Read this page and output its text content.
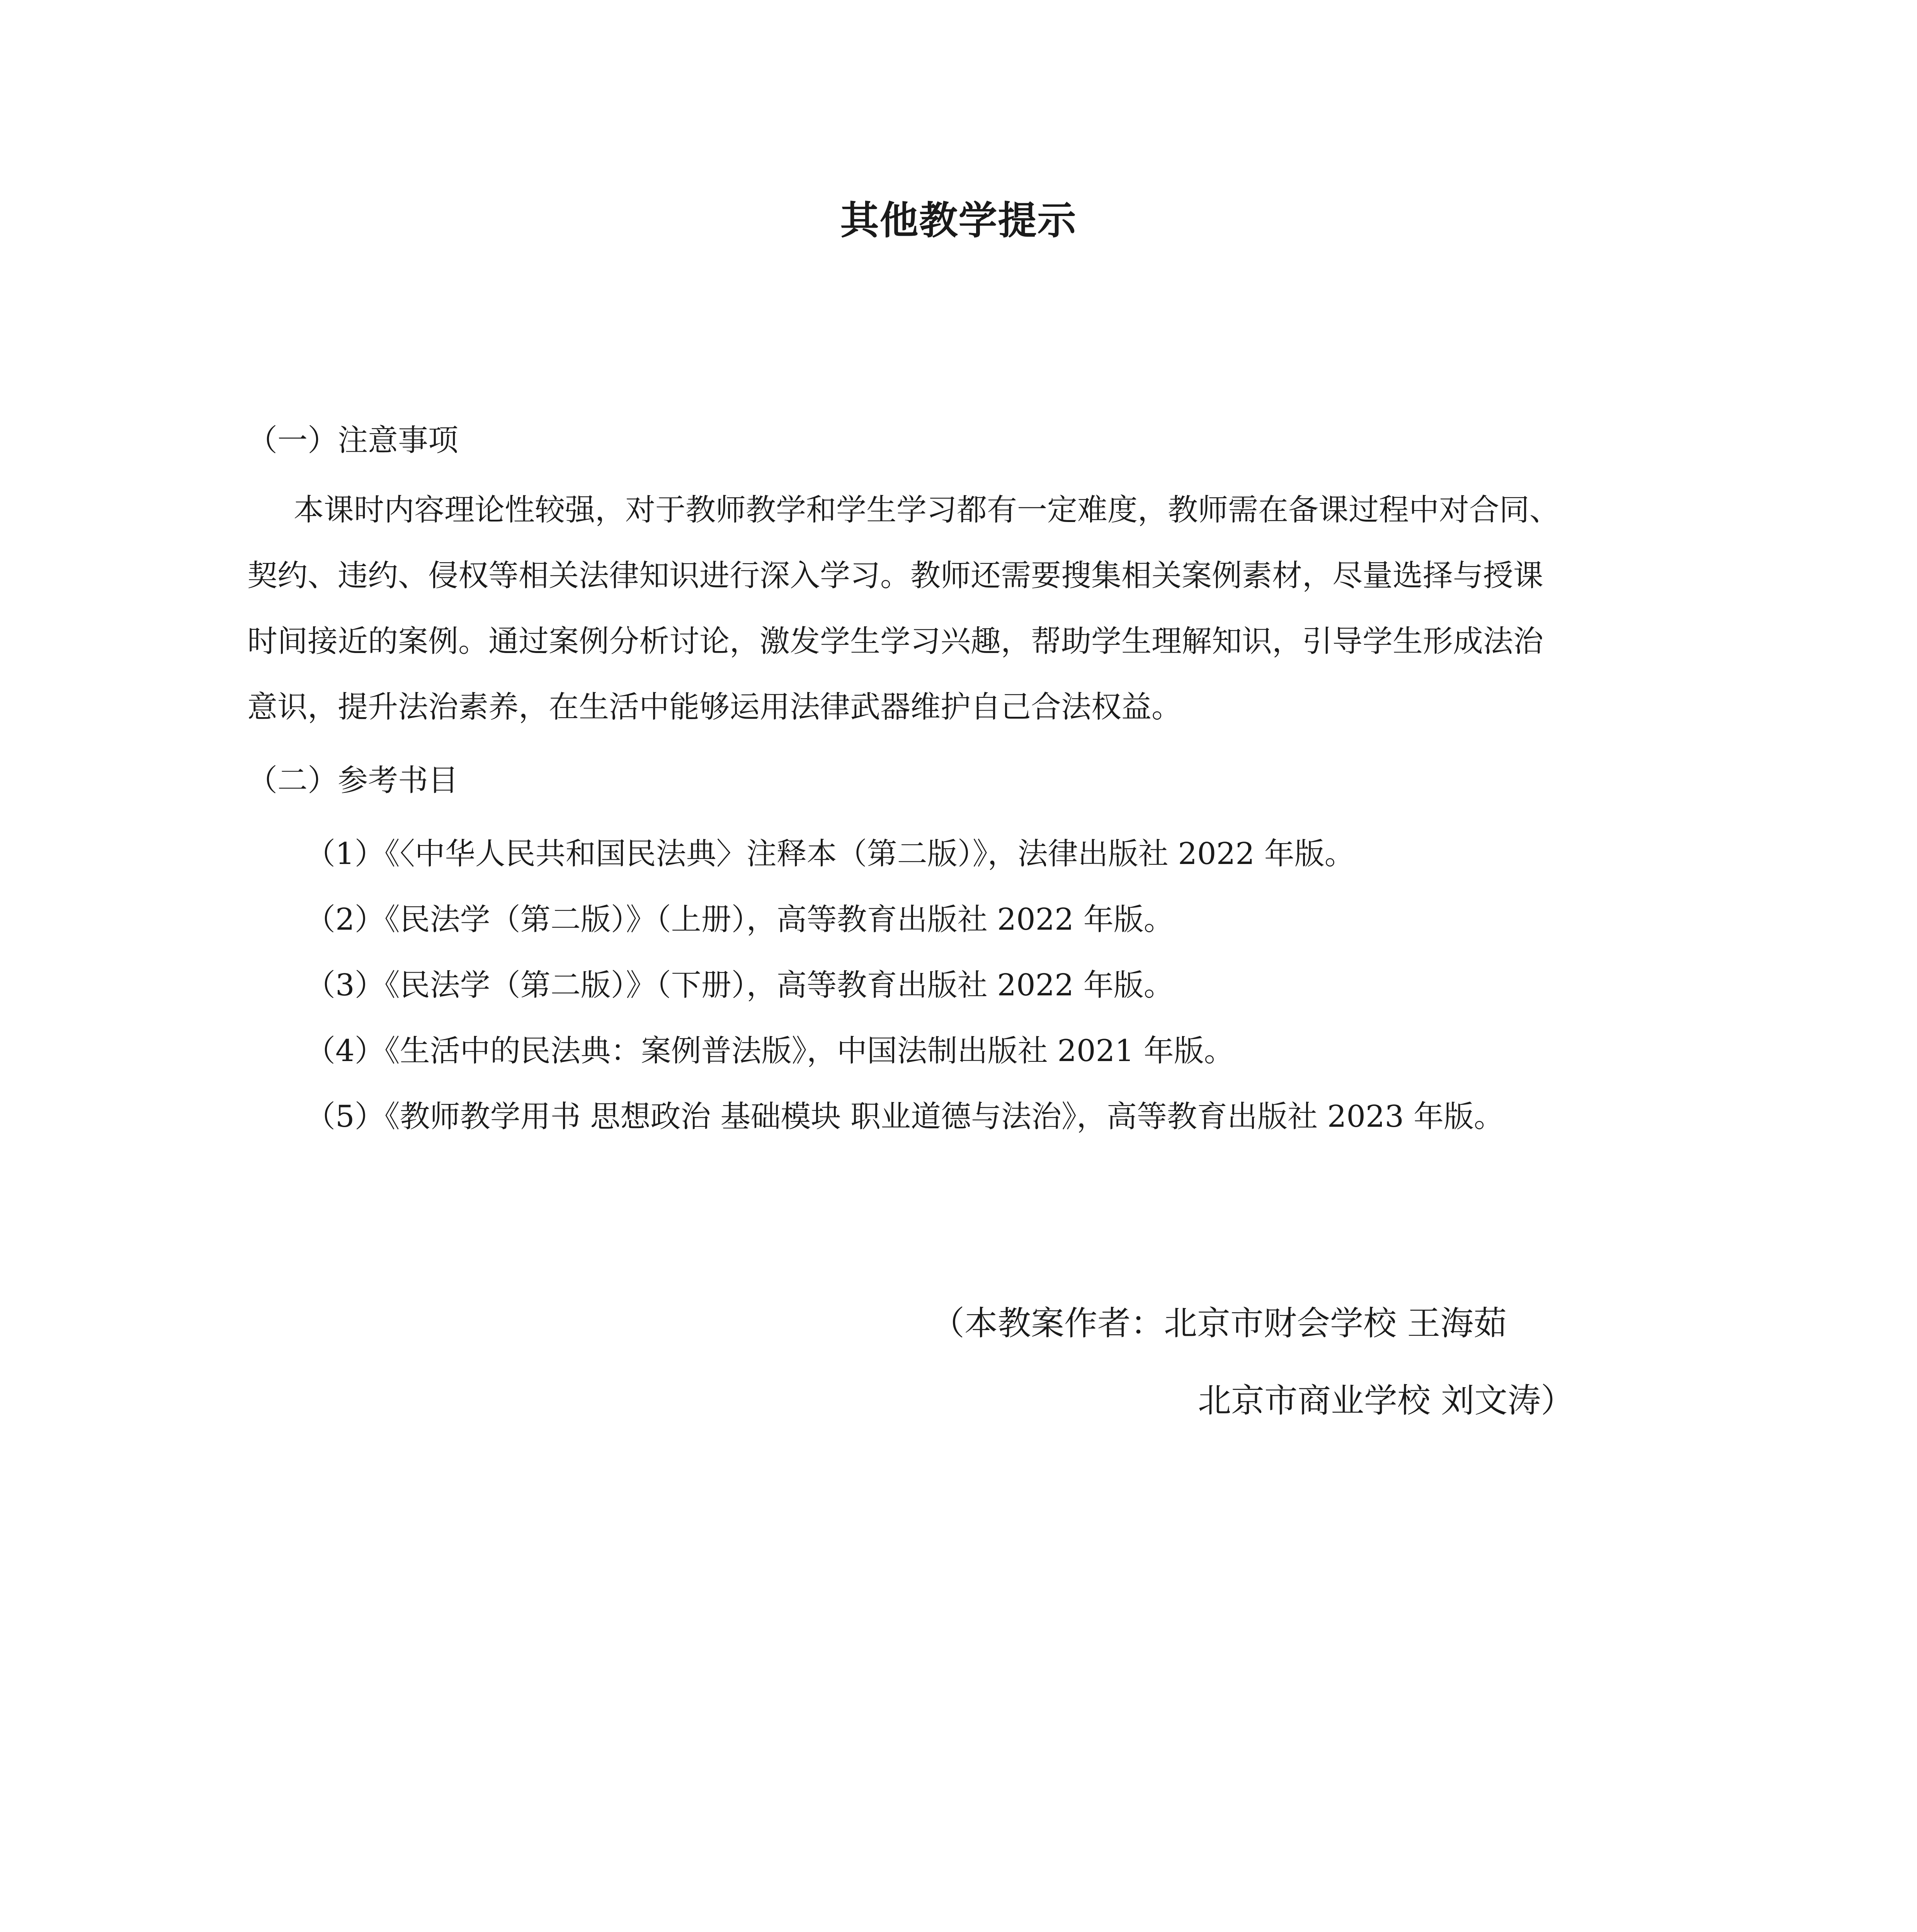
其他教学提示
（一）注意事项
本课时内容理论性较强，对于教师教学和学生学习都有一定难度，教师需在备课过程中对合同、
契约、违约、侵权等相关法律知识进行深入学习。教师还需要搜集相关案例素材，尽量选择与授课
时间接近的案例。通过案例分析讨论，激发学生学习兴趣，帮助学生理解知识，引导学生形成法治
意识，提升法治素养，在生活中能够运用法律武器维护自己合法权益。
（二）参考书目
（1）《〈中华人民共和国民法典〉注释本（第二版）》，法律出版社 2022 年版。
（2）《民法学（第二版）》（上册），高等教育出版社 2022 年版。
（3）《民法学（第二版）》（下册），高等教育出版社 2022 年版。
（4）《生活中的民法典：案例普法版》，中国法制出版社 2021 年版。
（5）《教师教学用书 思想政治 基础模块 职业道德与法治》，高等教育出版社 2023 年版。
（本教案作者：北京市财会学校 王海茹
北京市商业学校 刘文涛）
